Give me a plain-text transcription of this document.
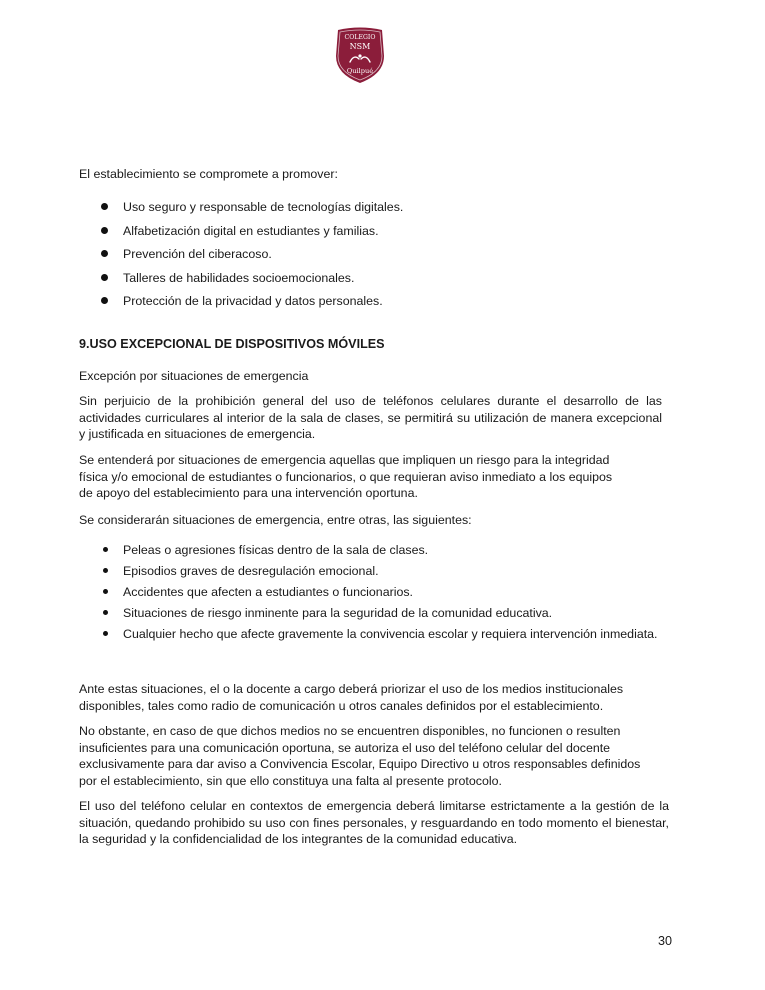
COLEGIO
NSM
Quilpué

El establecimiento se compromete a promover:

Uso seguro y responsable de tecnologías digitales.
Alfabetización digital en estudiantes y familias.
Prevención del ciberacoso.
Talleres de habilidades socioemocionales.
Protección de la privacidad y datos personales.

9.USO EXCEPCIONAL DE DISPOSITIVOS MÓVILES

Excepción por situaciones de emergencia

Sin perjuicio de la prohibición general del uso de teléfonos celulares durante el desarrollo de las actividades curriculares al interior de la sala de clases, se permitirá su utilización de manera excepcional y justificada en situaciones de emergencia.

Se entenderá por situaciones de emergencia aquellas que impliquen un riesgo para la integridad

física y/o emocional de estudiantes o funcionarios, o que requieran aviso inmediato a los equipos

de apoyo del establecimiento para una intervención oportuna.

Se considerarán situaciones de emergencia, entre otras, las siguientes:

Peleas o agresiones físicas dentro de la sala de clases.
Episodios graves de desregulación emocional.
Accidentes que afecten a estudiantes o funcionarios.
Situaciones de riesgo inminente para la seguridad de la comunidad educativa.
Cualquier hecho que afecte gravemente la convivencia escolar y requiera intervención inmediata.

Ante estas situaciones, el o la docente a cargo deberá priorizar el uso de los medios institucionales

disponibles, tales como radio de comunicación u otros canales definidos por el establecimiento.

No obstante, en caso de que dichos medios no se encuentren disponibles, no funcionen o resulten

insuficientes para una comunicación oportuna, se autoriza el uso del teléfono celular del docente

exclusivamente para dar aviso a Convivencia Escolar, Equipo Directivo u otros responsables definidos

por el establecimiento, sin que ello constituya una falta al presente protocolo.

El uso del teléfono celular en contextos de emergencia deberá limitarse estrictamente a la gestión de la situación, quedando prohibido su uso con fines personales, y resguardando en todo momento el bienestar, la seguridad y la confidencialidad de los integrantes de la comunidad educativa.

30
